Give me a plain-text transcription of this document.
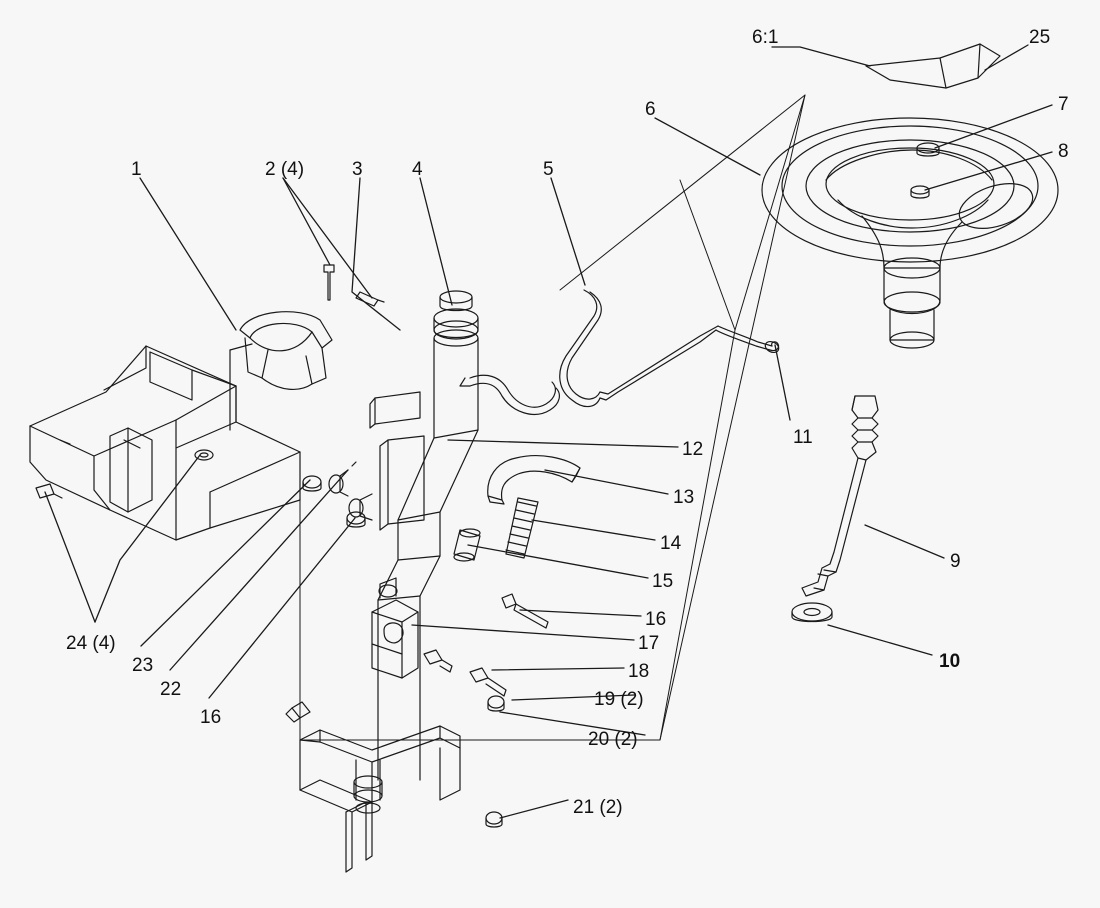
1	2 (4)	3	4	5
6
6:1	25
7
8
11
12
13
14
15
16
17
18
19 (2)
20 (2)
9
10
24 (4)
23
22
16
21 (2)
